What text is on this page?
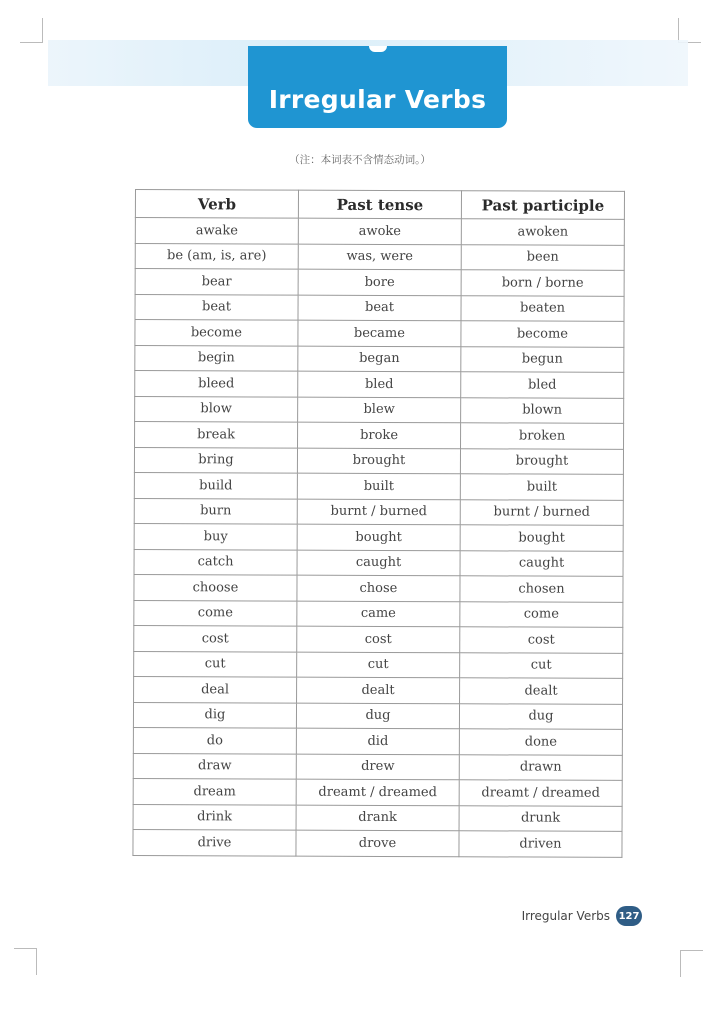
Irregular Verbs
（注：本词表不含情态动词。）
Verb	Past tense	Past participle
awake	awoke	awoken
be (am, is, are)	was, were	been
bear	bore	born / borne
beat	beat	beaten
become	became	become
begin	began	begun
bleed	bled	bled
blow	blew	blown
break	broke	broken
bring	brought	brought
build	built	built
burn	burnt / burned	burnt / burned
buy	bought	bought
catch	caught	caught
choose	chose	chosen
come	came	come
cost	cost	cost
cut	cut	cut
deal	dealt	dealt
dig	dug	dug
do	did	done
draw	drew	drawn
dream	dreamt / dreamed	dreamt / dreamed
drink	drank	drunk
drive	drove	driven
Irregular Verbs 127
